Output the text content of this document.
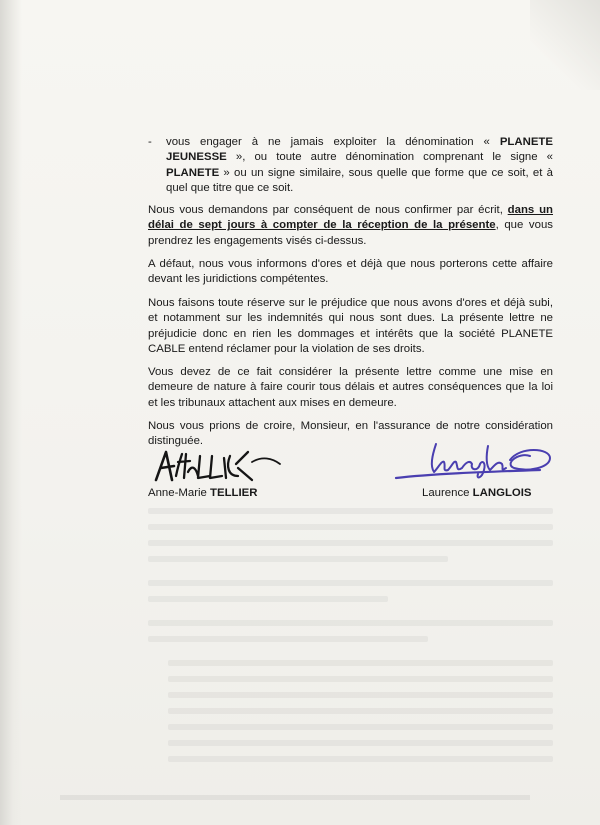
- vous engager à ne jamais exploiter la dénomination « PLANETE JEUNESSE », ou toute autre dénomination comprenant le signe « PLANETE » ou un signe similaire, sous quelle que forme que ce soit, et à quel que titre que ce soit.
Nous vous demandons par conséquent de nous confirmer par écrit, dans un délai de sept jours à compter de la réception de la présente, que vous prendrez les engagements visés ci-dessus.
A défaut, nous vous informons d'ores et déjà que nous porterons cette affaire devant les juridictions compétentes.
Nous faisons toute réserve sur le préjudice que nous avons d'ores et déjà subi, et notamment sur les indemnités qui nous sont dues. La présente lettre ne préjudicie donc en rien les dommages et intérêts que la société PLANETE CABLE entend réclamer pour la violation de ses droits.
Vous devez de ce fait considérer la présente lettre comme une mise en demeure de nature à faire courir tous délais et autres conséquences que la loi et les tribunaux attachent aux mises en demeure.
Nous vous prions de croire, Monsieur, en l'assurance de notre considération distinguée.
Anne-Marie TELLIER	Laurence LANGLOIS
